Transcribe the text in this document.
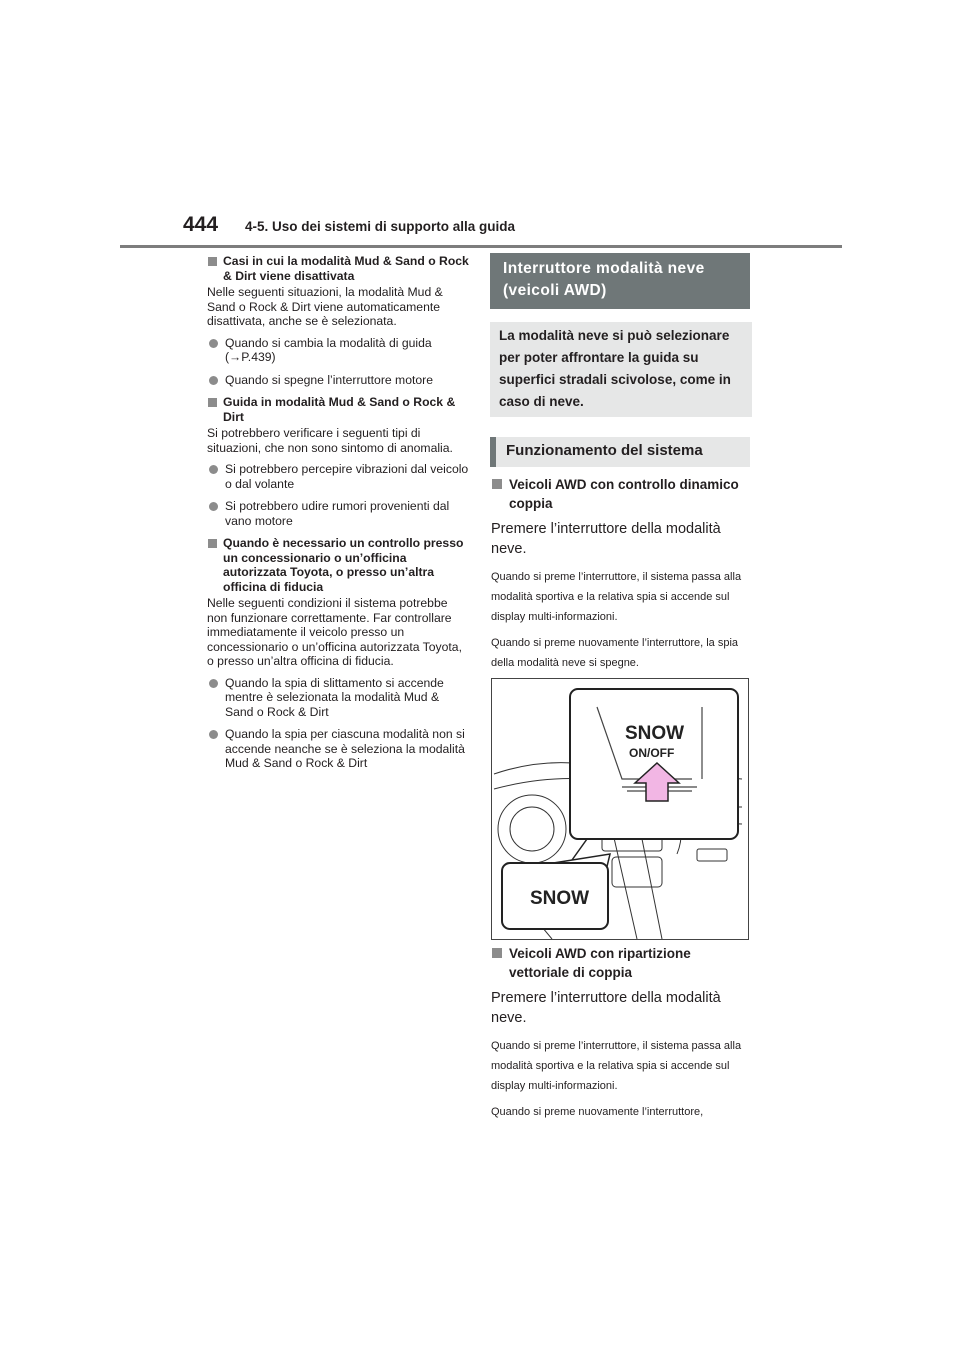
444 4-5. Uso dei sistemi di supporto alla guida
Casi in cui la modalità Mud & Sand o Rock & Dirt viene disattivata
Nelle seguenti situazioni, la modalità Mud & Sand o Rock & Dirt viene automaticamente disattivata, anche se è selezionata.
Quando si cambia la modalità di guida (→P.439)
Quando si spegne l’interruttore motore
Guida in modalità Mud & Sand o Rock & Dirt
Si potrebbero verificare i seguenti tipi di situazioni, che non sono sintomo di anomalia.
Si potrebbero percepire vibrazioni dal veicolo o dal volante
Si potrebbero udire rumori provenienti dal vano motore
Quando è necessario un controllo presso un concessionario o un’officina autorizzata Toyota, o presso un’altra officina di fiducia
Nelle seguenti condizioni il sistema potrebbe non funzionare correttamente. Far controllare immediatamente il veicolo presso un concessionario o un’officina autorizzata Toyota, o presso un’altra officina di fiducia.
Quando la spia di slittamento si accende mentre è selezionata la modalità Mud & Sand o Rock & Dirt
Quando la spia per ciascuna modalità non si accende neanche se è seleziona la modalità Mud & Sand o Rock & Dirt
Interruttore modalità neve (veicoli AWD)
La modalità neve si può selezionare per poter affrontare la guida su superfici stradali scivolose, come in caso di neve.
Funzionamento del sistema
Veicoli AWD con controllo dinamico coppia
Premere l’interruttore della modalità neve.
Quando si preme l’interruttore, il sistema passa alla modalità sportiva e la relativa spia si accende sul display multi-informazioni.
Quando si preme nuovamente l’interruttore, la spia della modalità neve si spegne.
SNOW
ON/OFF
SNOW
Veicoli AWD con ripartizione vettoriale di coppia
Premere l’interruttore della modalità neve.
Quando si preme l’interruttore, il sistema passa alla modalità sportiva e la relativa spia si accende sul display multi-informazioni.
Quando si preme nuovamente l’interruttore,
